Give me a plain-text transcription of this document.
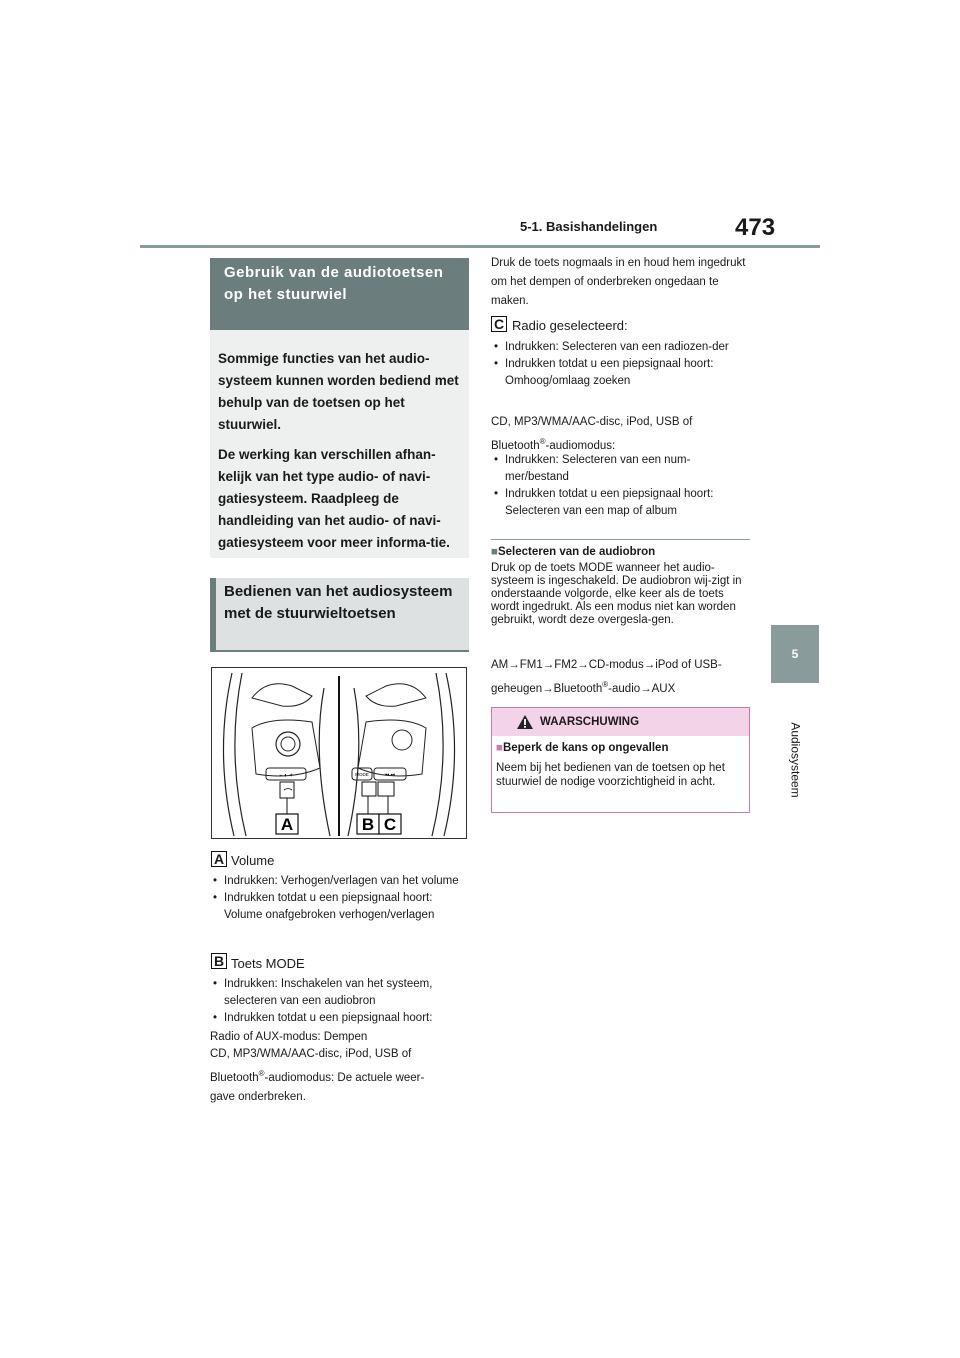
5-1. Basishandelingen	473
5
Audiosysteem
Gebruik van de audiotoetsen op het stuurwiel

Sommige functies van het audio-systeem kunnen worden bediend met behulp van de toetsen op het stuurwiel.

De werking kan verschillen afhan-kelijk van het type audio- of navi-gatiesysteem. Raadpleeg de handleiding van het audio- of navi-gatiesysteem voor meer informa-tie.

Bedienen van het audiosysteem met de stuurwieltoetsen
− ◐ +	MODE	⏮ ⏭
A	B C
A Volume
• Indrukken: Verhogen/verlagen van het volume
• Indrukken totdat u een piepsignaal hoort: Volume onafgebroken verhogen/verlagen
B Toets MODE
• Indrukken: Inschakelen van het systeem, selecteren van een audiobron
• Indrukken totdat u een piepsignaal hoort:

Radio of AUX-modus: Dempen

CD, MP3/WMA/AAC-disc, iPod, USB of

Bluetooth®-audiomodus: De actuele weer-

gave onderbreken.

Druk de toets nogmaals in en houd hem ingedrukt om het dempen of onderbreken ongedaan te maken.

C Radio geselecteerd:
• Indrukken: Selecteren van een radiozen-der
• Indrukken totdat u een piepsignaal hoort: Omhoog/omlaag zoeken

CD, MP3/WMA/AAC-disc, iPod, USB of

Bluetooth®-audiomodus:

• Indrukken: Selecteren van een num-mer/bestand
• Indrukken totdat u een piepsignaal hoort: Selecteren van een map of album
■Selecteren van de audiobron

Druk op de toets MODE wanneer het audio-systeem is ingeschakeld. De audiobron wij-zigt in onderstaande volgorde, elke keer als de toets wordt ingedrukt. Als een modus niet kan worden gebruikt, wordt deze overgesla-gen.

AM→FM1→FM2→CD-modus→iPod of USB-

geheugen→Bluetooth®-audio→AUX

WAARSCHUWING
■Beperk de kans op ongevallen

Neem bij het bedienen van de toetsen op het stuurwiel de nodige voorzichtigheid in acht.
